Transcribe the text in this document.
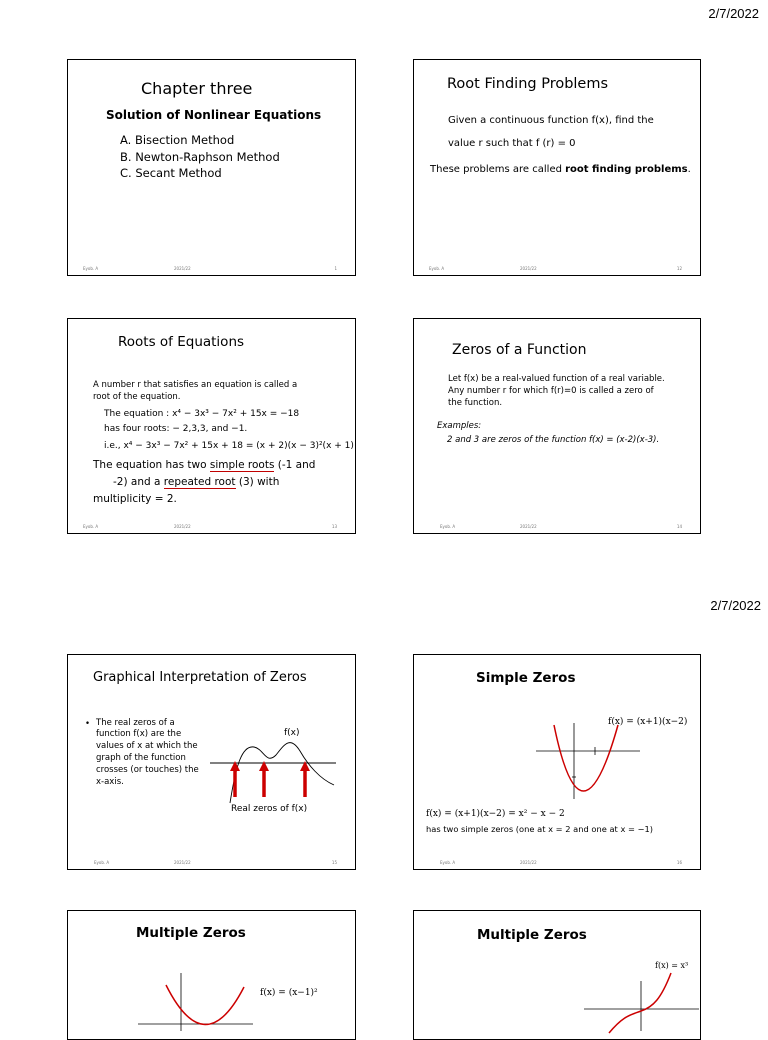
2/7/2022
Chapter three
Solution of Nonlinear Equations
A. Bisection Method
B. Newton-Raphson Method
C. Secant Method
Eyob. A	2021/22	1
Root Finding Problems
Given a continuous function f(x), find the
value r such that f (r) = 0
These problems are called root finding problems.
Eyob. A	2021/22	12
Roots of Equations
A number r that satisfies an equation is called a
root of the equation.
The equation : x⁴ − 3x³ − 7x² + 15x = −18
has four roots: − 2,3,3, and −1.
i.e., x⁴ − 3x³ − 7x² + 15x + 18 = (x + 2)(x − 3)²(x + 1)
The equation has two simple roots (-1 and
-2) and a repeated root (3) with
multiplicity = 2.
Eyob. A	2021/22	13
Zeros of a Function
Let f(x) be a real-valued function of a real variable.
Any number r for which f(r)=0 is called a zero of
the function.
Examples:
2 and 3 are zeros of the function f(x) = (x-2)(x-3).
Eyob. A	2021/22	14
2/7/2022
Graphical Interpretation of Zeros
• The real zeros of a
function f(x) are the
values of x at which the
graph of the function
crosses (or touches) the
x-axis.
f(x)
Real zeros of f(x)
Eyob. A	2021/22	15
Simple Zeros
f(x) = (x+1)(x−2)
f(x) = (x+1)(x−2) = x² − x − 2
has two simple zeros (one at x = 2 and one at x = −1)
Eyob. A	2021/22	16
Multiple Zeros
f(x) = (x−1)²
Multiple Zeros
f(x) = x³
